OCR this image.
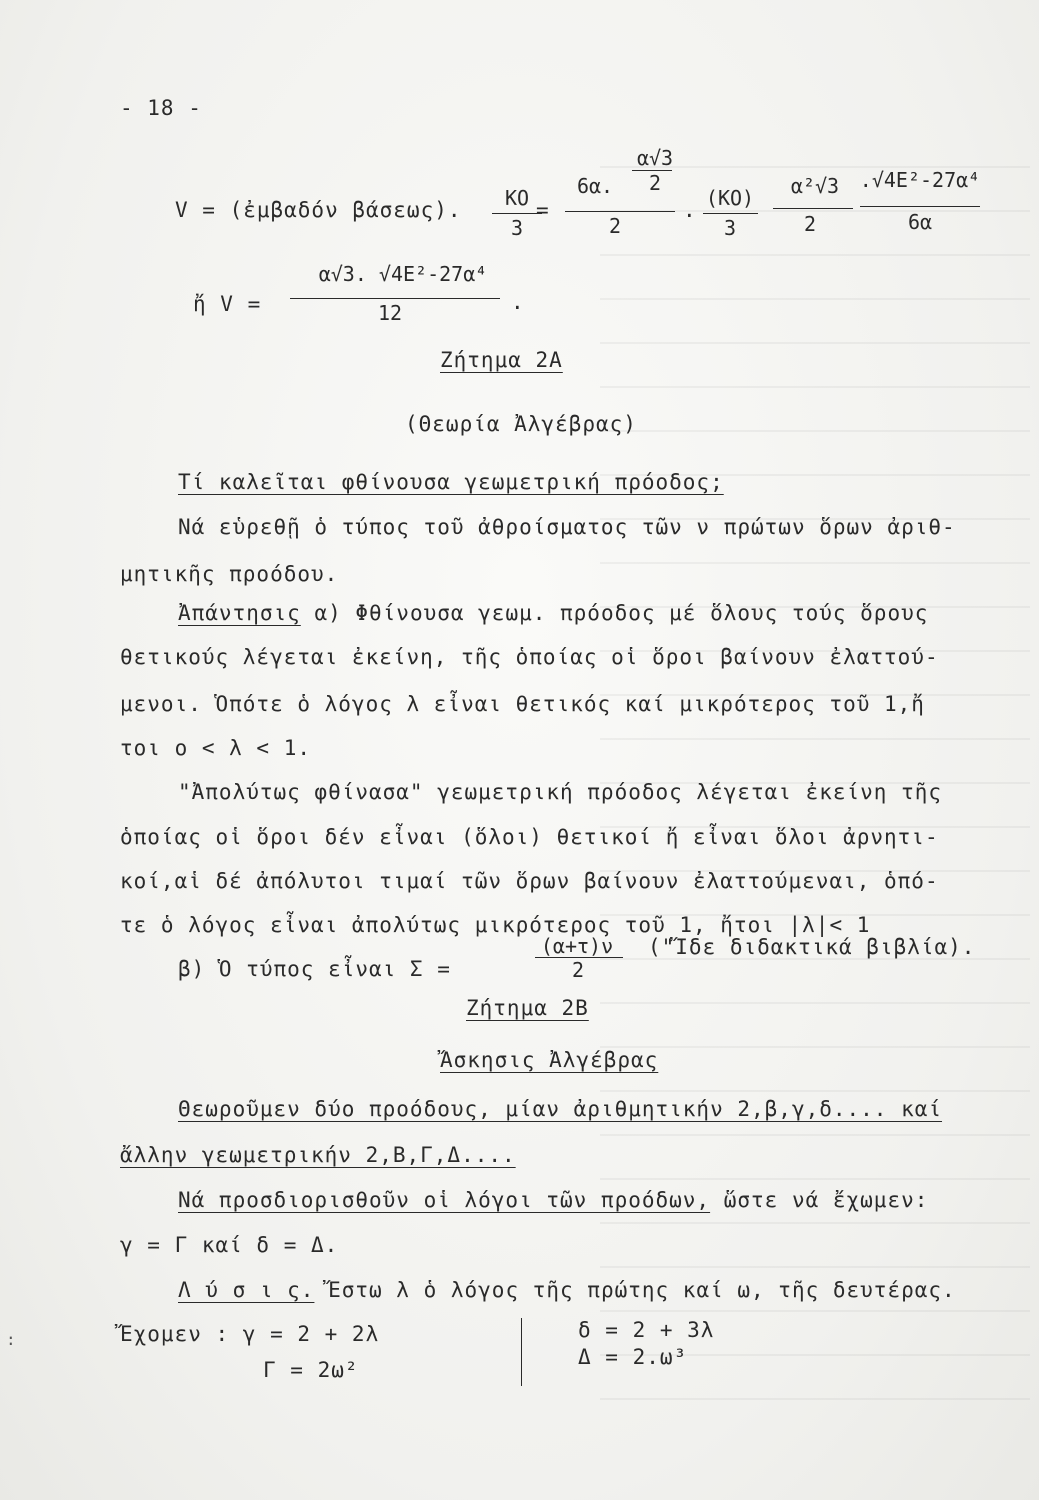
- 18 -
V = (ἐμβαδόν βάσεως).	ΚΟ
3
=
α√3
2
6α.
2
. (ΚΟ)
3
α²√3
2
.√4Ε²-27α⁴
6α
ἤ V =
α√3. √4Ε²-27α⁴
12	.
Ζήτημα 2Α
(Θεωρία Ἀλγέβρας)
Τί καλεῖται φθίνουσα γεωμετρική πρόοδος;
Νά εὑρεθῇ ὁ τύπος τοῦ ἀθροίσματος τῶν ν πρώτων ὅρων ἀριθ-
μητικῆς προόδου.
Ἀπάντησις α) Φθίνουσα γεωμ. πρόοδος μέ ὅλους τούς ὅρους
θετικούς λέγεται ἐκείνη, τῆς ὁποίας οἱ ὅροι βαίνουν ἐλαττού-
μενοι. Ὁπότε ὁ λόγος λ εἶναι θετικός καί μικρότερος τοῦ 1,ἤ
τοι ο < λ < 1.
"Ἀπολύτως φθίνασα" γεωμετρική πρόοδος λέγεται ἐκείνη τῆς
ὁποίας οἱ ὅροι δέν εἶναι (ὅλοι) θετικοί ἤ εἶναι ὅλοι ἀρνητι-
κοί,αἱ δέ ἀπόλυτοι τιμαί τῶν ὅρων βαίνουν ἐλαττούμεναι, ὁπό-
τε ὁ λόγος εἶναι ἀπολύτως μικρότερος τοῦ 1, ἤτοι |λ|< 1
β) Ὁ τύπος εἶναι Σ =
(α+τ)ν
2
("Ἴδε διδακτικά βιβλία).
Ζήτημα 2Β
Ἄσκησις Ἀλγέβρας
Θεωροῦμεν δύο προόδους, μίαν ἀριθμητικήν 2,β,γ,δ.... καί
ἄλλην γεωμετρικήν 2,Β,Γ,Δ....
Νά προσδιορισθοῦν οἱ λόγοι τῶν προόδων, ὥστε νά ἔχωμεν:
γ = Γ καί δ = Δ.
Λ ύ σ ι ς. Ἔστω λ ὁ λόγος τῆς πρώτης καί ω, τῆς δευτέρας.
Ἔχομεν : γ = 2 + 2λ
Γ = 2ω²
δ = 2 + 3λ
Δ = 2.ω³
:
